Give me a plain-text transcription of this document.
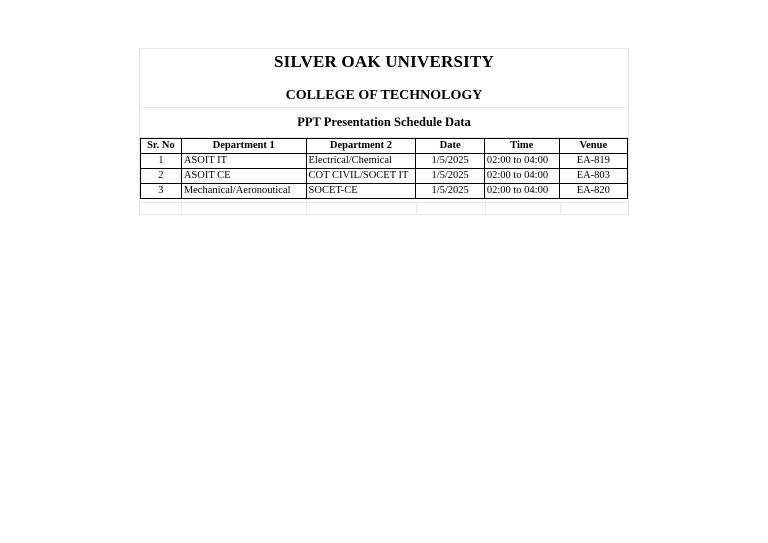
SILVER OAK UNIVERSITY
COLLEGE OF TECHNOLOGY
PPT Presentation Schedule Data
Sr. No	Department 1	Department 2	Date	Time	Venue
1	ASOIT IT	Electrical/Chemical	1/5/2025	02:00 to 04:00	EA-819
2	ASOIT CE	COT CIVIL/SOCET IT	1/5/2025	02:00 to 04:00	EA-803
3	Mechanical/Aeronoutical	SOCET-CE	1/5/2025	02:00 to 04:00	EA-820
